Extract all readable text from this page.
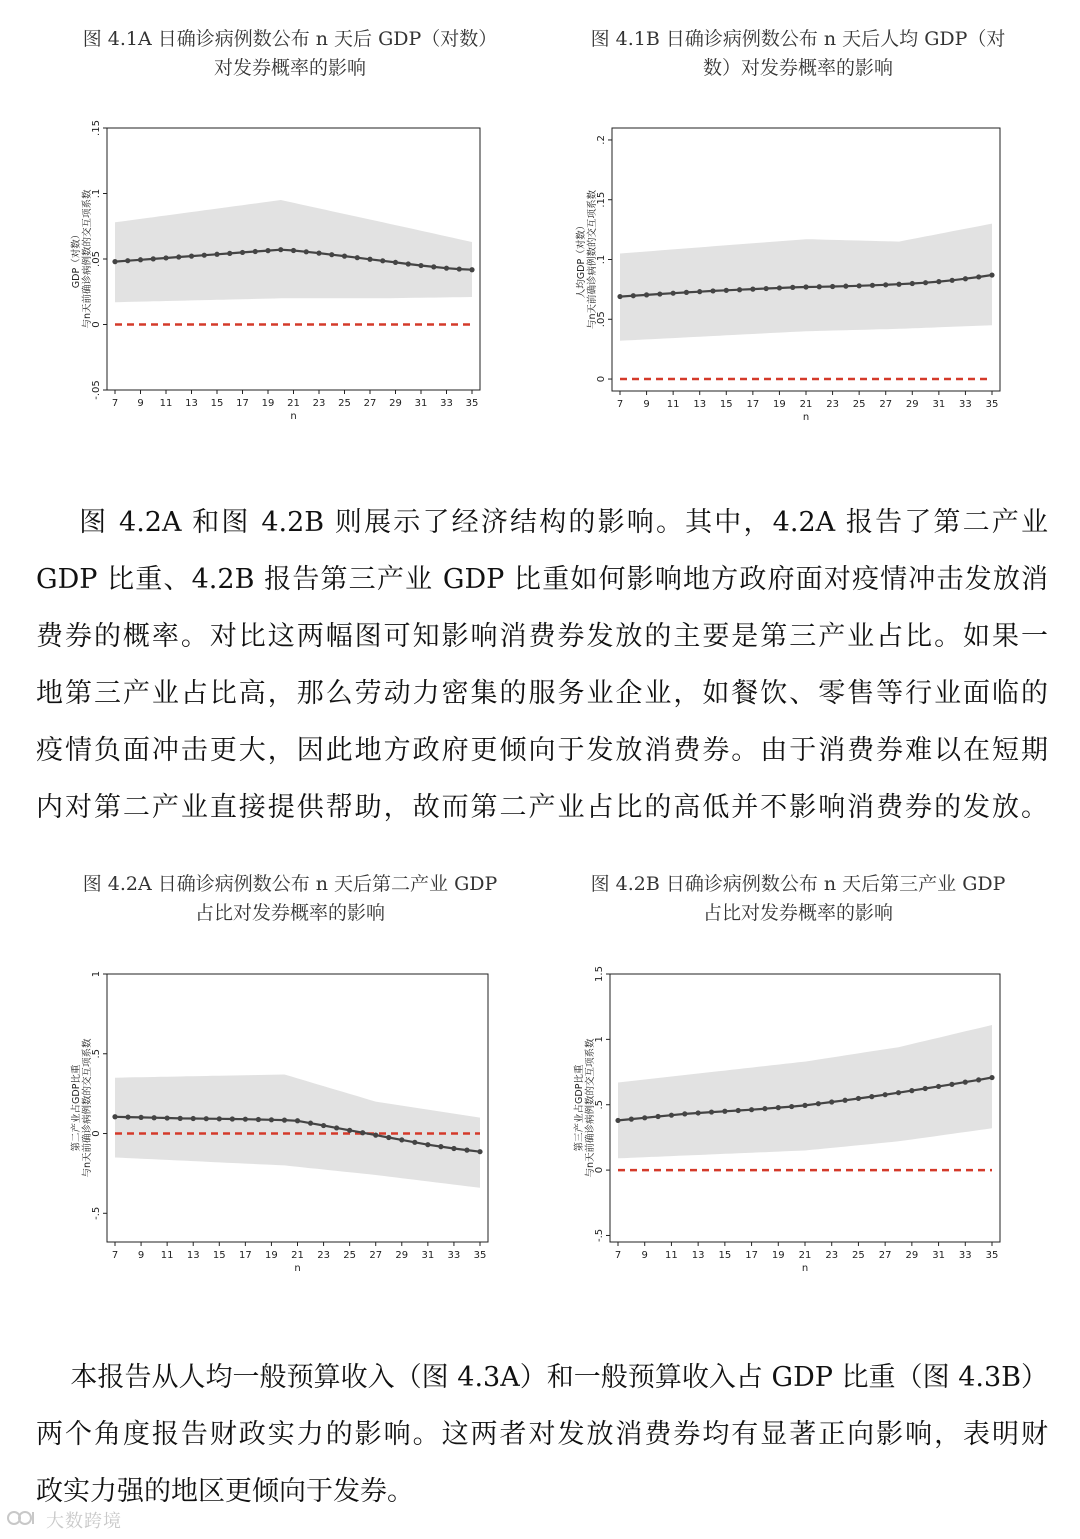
图 4.1A 日确诊病例数公布 n 天后 GDP（对数）
对发券概率的影响
图 4.1B 日确诊病例数公布 n 天后人均 GDP（对
数）对发券概率的影响
图 4.2A 日确诊病例数公布 n 天后第二产业 GDP
占比对发券概率的影响
图 4.2B 日确诊病例数公布 n 天后第三产业 GDP
占比对发券概率的影响
7 9 11 13 15 17 19 21 23 25 27 29 31 33 35
n
-.05
0
.05
.1
.15
GDP（对数） 与n天前确诊病例数的交互项系数
7 9 11 13 15 17 19 21 23 25 27 29 31 33 35
n
0
.05
.1
.15
.2
人均GDP（对数） 与n天前确诊病例数的交互项系数
7 9 11 13 15 17 19 21 23 25 27 29 31 33 35
n
-.5
0
.5
1
第二产业占GDP比重 与n天前确诊病例数的交互项系数
7 9 11 13 15 17 19 21 23 25 27 29 31 33 35
n
-.5
0
.5
1
1.5
第三产业占GDP比重 与n天前确诊病例数的交互项系数
图 4.2A 和图 4.2B 则展示了经济结构的影响。其中，4.2A 报告了第二产业
GDP 比重、4.2B 报告第三产业 GDP 比重如何影响地方政府面对疫情冲击发放消
费券的概率。对比这两幅图可知影响消费券发放的主要是第三产业占比。如果一
地第三产业占比高，那么劳动力密集的服务业企业，如餐饮、零售等行业面临的
疫情负面冲击更大，因此地方政府更倾向于发放消费券。由于消费券难以在短期
内对第二产业直接提供帮助，故而第二产业占比的高低并不影响消费券的发放。
本报告从人均一般预算收入（图 4.3A）和一般预算收入占 GDP 比重（图 4.3B）
两个角度报告财政实力的影响。这两者对发放消费券均有显著正向影响，表明财
政实力强的地区更倾向于发券。
大数跨境
